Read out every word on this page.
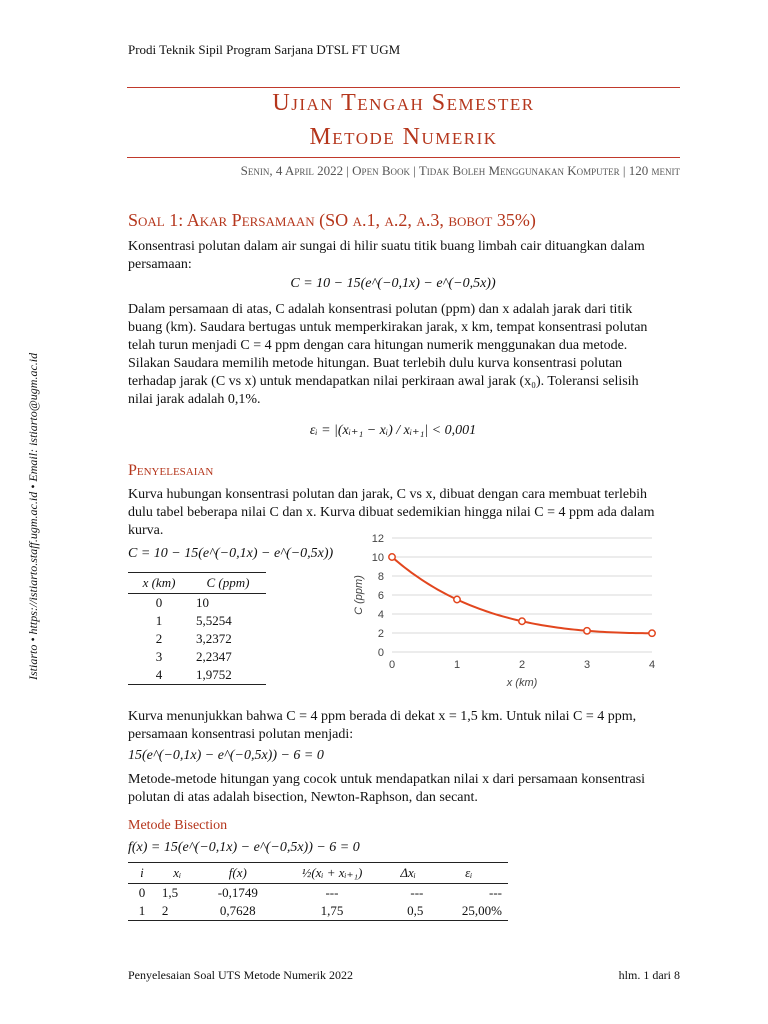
Prodi Teknik Sipil Program Sarjana DTSL FT UGM
Ujian Tengah Semester
Metode Numerik
Senin, 4 April 2022 | Open Book | Tidak Boleh Menggunakan Komputer | 120 menit
Istiarto • https://istiarto.staff.ugm.ac.id • Email: istiarto@ugm.ac.id
Soal 1: Akar Persamaan (SO a.1, a.2, a.3, bobot 35%)
Konsentrasi polutan dalam air sungai di hilir suatu titik buang limbah cair dituangkan dalam persamaan:
C = 10 − 15(e^(−0,1x) − e^(−0,5x))
Dalam persamaan di atas, C adalah konsentrasi polutan (ppm) dan x adalah jarak dari titik buang (km). Saudara bertugas untuk memperkirakan jarak, x km, tempat konsentrasi polutan telah turun menjadi C = 4 ppm dengan cara hitungan numerik menggunakan dua metode. Silakan Saudara memilih metode hitungan. Buat terlebih dulu kurva konsentrasi polutan terhadap jarak (C vs x) untuk mendapatkan nilai perkiraan awal jarak (x₀). Toleransi selisih nilai jarak adalah 0,1%.
εᵢ = |(xᵢ₊₁ − xᵢ) / xᵢ₊₁| < 0,001
Penyelesaian
Kurva hubungan konsentrasi polutan dan jarak, C vs x, dibuat dengan cara membuat terlebih dulu tabel beberapa nilai C dan x. Kurva dibuat sedemikian hingga nilai C = 4 ppm ada dalam kurva.
C = 10 − 15(e^(−0,1x) − e^(−0,5x))
x (km)	C (ppm)
0	10
1	5,5254
2	3,2372
3	2,2347
4	1,9752
0
2
4
6
8
10
12
0	1	2	3	4
x (km)
C (ppm)
Kurva menunjukkan bahwa C = 4 ppm berada di dekat x = 1,5 km. Untuk nilai C = 4 ppm, persamaan konsentrasi polutan menjadi:
15(e^(−0,1x) − e^(−0,5x)) − 6 = 0
Metode-metode hitungan yang cocok untuk mendapatkan nilai x dari persamaan konsentrasi polutan di atas adalah bisection, Newton-Raphson, dan secant.
Metode Bisection
f(x) = 15(e^(−0,1x) − e^(−0,5x)) − 6 = 0
i	xᵢ	f(x)	½(xᵢ + xᵢ₊₁)	Δxᵢ	εᵢ
0	1,5	-0,1749	---	---	---
1	2	0,7628	1,75	0,5	25,00%
Penyelesaian Soal UTS Metode Numerik 2022	hlm. 1 dari 8
